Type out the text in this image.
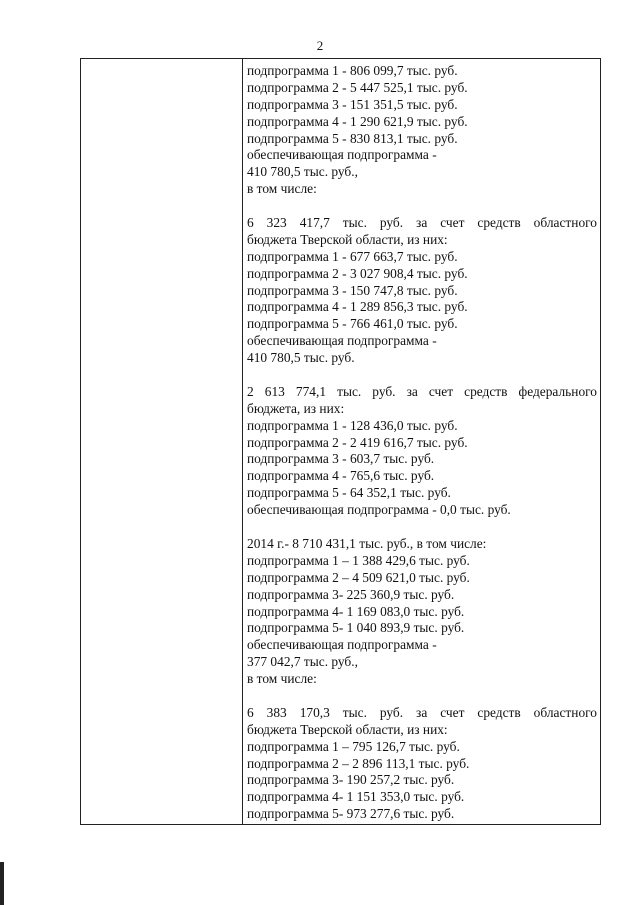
2
подпрограмма 1 - 806 099,7 тыс. руб.
подпрограмма 2 - 5 447 525,1 тыс. руб.
подпрограмма 3 - 151 351,5 тыс. руб.
подпрограмма 4 - 1 290 621,9 тыс. руб.
подпрограмма 5 - 830 813,1 тыс. руб.
обеспечивающая подпрограмма -
410 780,5 тыс. руб.,
в том числе:
6 323 417,7 тыс. руб. за счет средств областного
бюджета Тверской области, из них:
подпрограмма 1 - 677 663,7 тыс. руб.
подпрограмма 2 - 3 027 908,4 тыс. руб.
подпрограмма 3 - 150 747,8 тыс. руб.
подпрограмма 4 - 1 289 856,3 тыс. руб.
подпрограмма 5 - 766 461,0 тыс. руб.
обеспечивающая подпрограмма -
410 780,5 тыс. руб.
2 613 774,1 тыс. руб. за счет средств федерального
бюджета, из них:
подпрограмма 1 - 128 436,0 тыс. руб.
подпрограмма 2 - 2 419 616,7 тыс. руб.
подпрограмма 3 - 603,7 тыс. руб.
подпрограмма 4 - 765,6 тыс. руб.
подпрограмма 5 - 64 352,1 тыс. руб.
обеспечивающая подпрограмма - 0,0 тыс. руб.
2014 г.- 8 710 431,1 тыс. руб., в том числе:
подпрограмма 1 – 1 388 429,6 тыс. руб.
подпрограмма 2 – 4 509 621,0 тыс. руб.
подпрограмма 3- 225 360,9 тыс. руб.
подпрограмма 4- 1 169 083,0 тыс. руб.
подпрограмма 5- 1 040 893,9 тыс. руб.
обеспечивающая подпрограмма -
377 042,7 тыс. руб.,
в том числе:
6 383 170,3 тыс. руб. за счет средств областного
бюджета Тверской области, из них:
подпрограмма 1 – 795 126,7 тыс. руб.
подпрограмма 2 – 2 896 113,1 тыс. руб.
подпрограмма 3- 190 257,2 тыс. руб.
подпрограмма 4- 1 151 353,0 тыс. руб.
подпрограмма 5- 973 277,6 тыс. руб.
